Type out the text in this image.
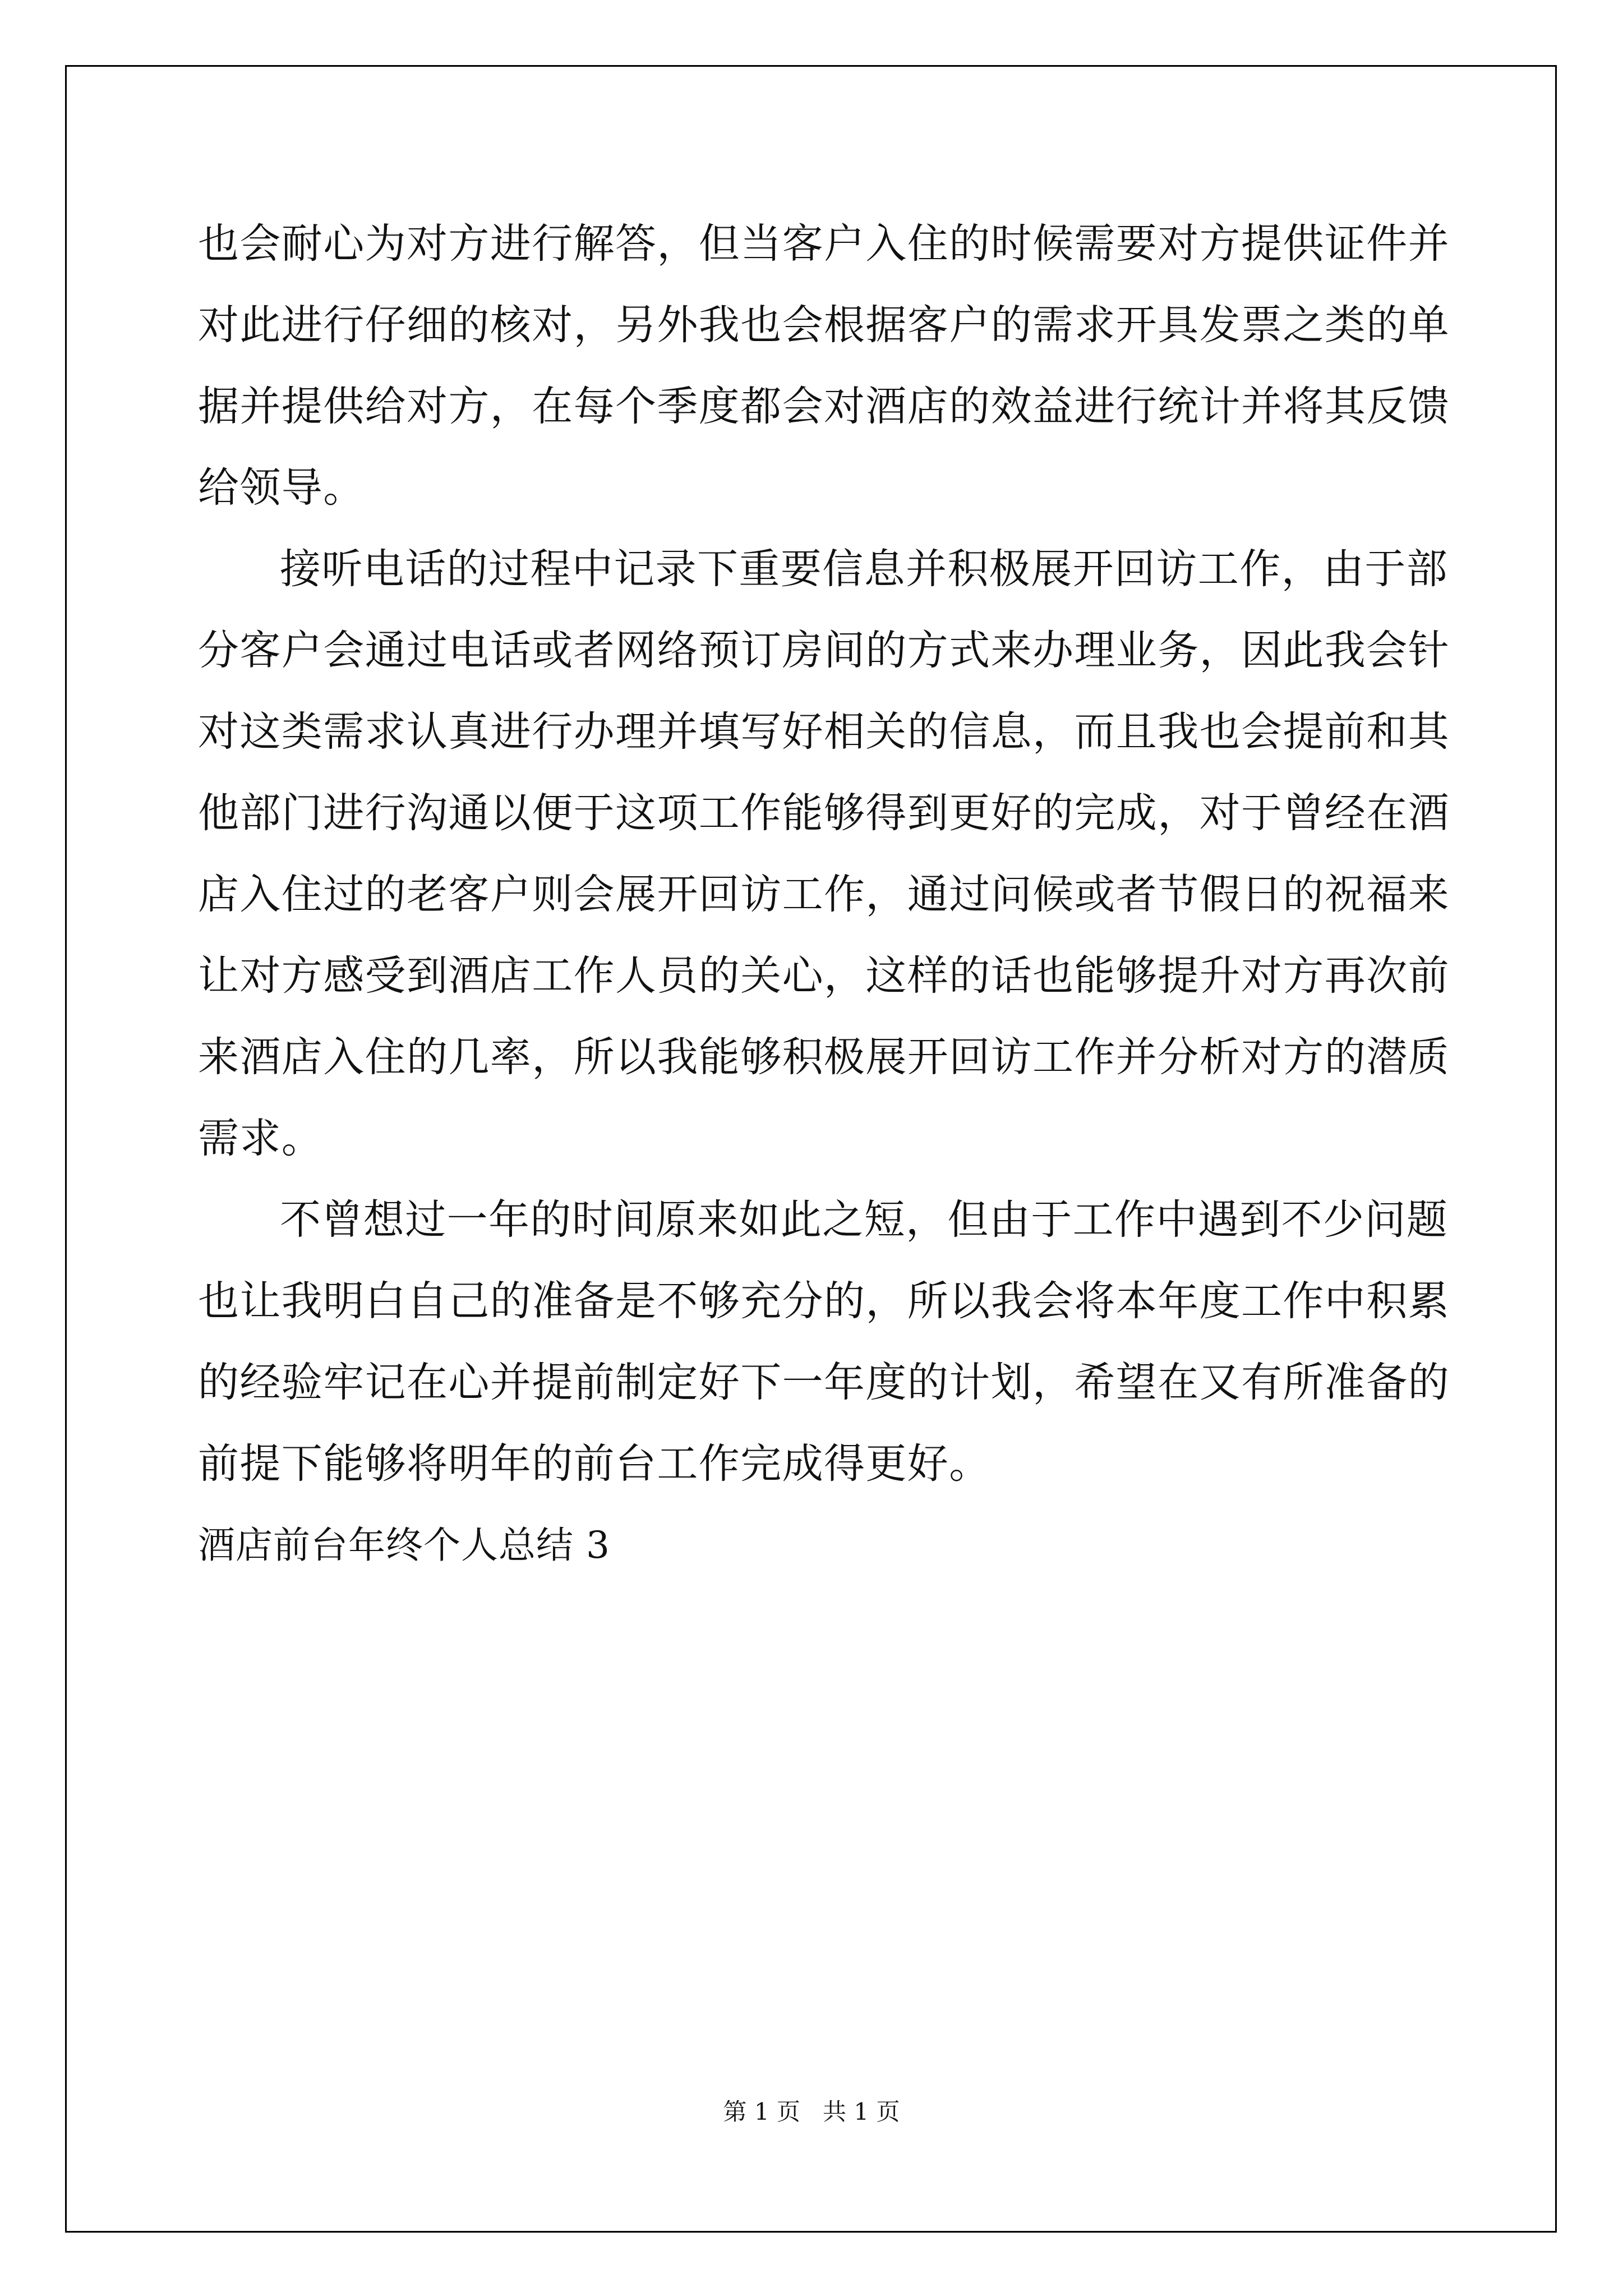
也会耐心为对方进行解答，但当客户入住的时候需要对方提供证件并
对此进行仔细的核对，另外我也会根据客户的需求开具发票之类的单
据并提供给对方，在每个季度都会对酒店的效益进行统计并将其反馈
给领导。
接听电话的过程中记录下重要信息并积极展开回访工作，由于部
分客户会通过电话或者网络预订房间的方式来办理业务，因此我会针
对这类需求认真进行办理并填写好相关的信息，而且我也会提前和其
他部门进行沟通以便于这项工作能够得到更好的完成，对于曾经在酒
店入住过的老客户则会展开回访工作，通过问候或者节假日的祝福来
让对方感受到酒店工作人员的关心，这样的话也能够提升对方再次前
来酒店入住的几率，所以我能够积极展开回访工作并分析对方的潜质
需求。
不曾想过一年的时间原来如此之短，但由于工作中遇到不少问题
也让我明白自己的准备是不够充分的，所以我会将本年度工作中积累
的经验牢记在心并提前制定好下一年度的计划，希望在又有所准备的
前提下能够将明年的前台工作完成得更好。
酒店前台年终个人总结 3
第 1 页   共 1 页
